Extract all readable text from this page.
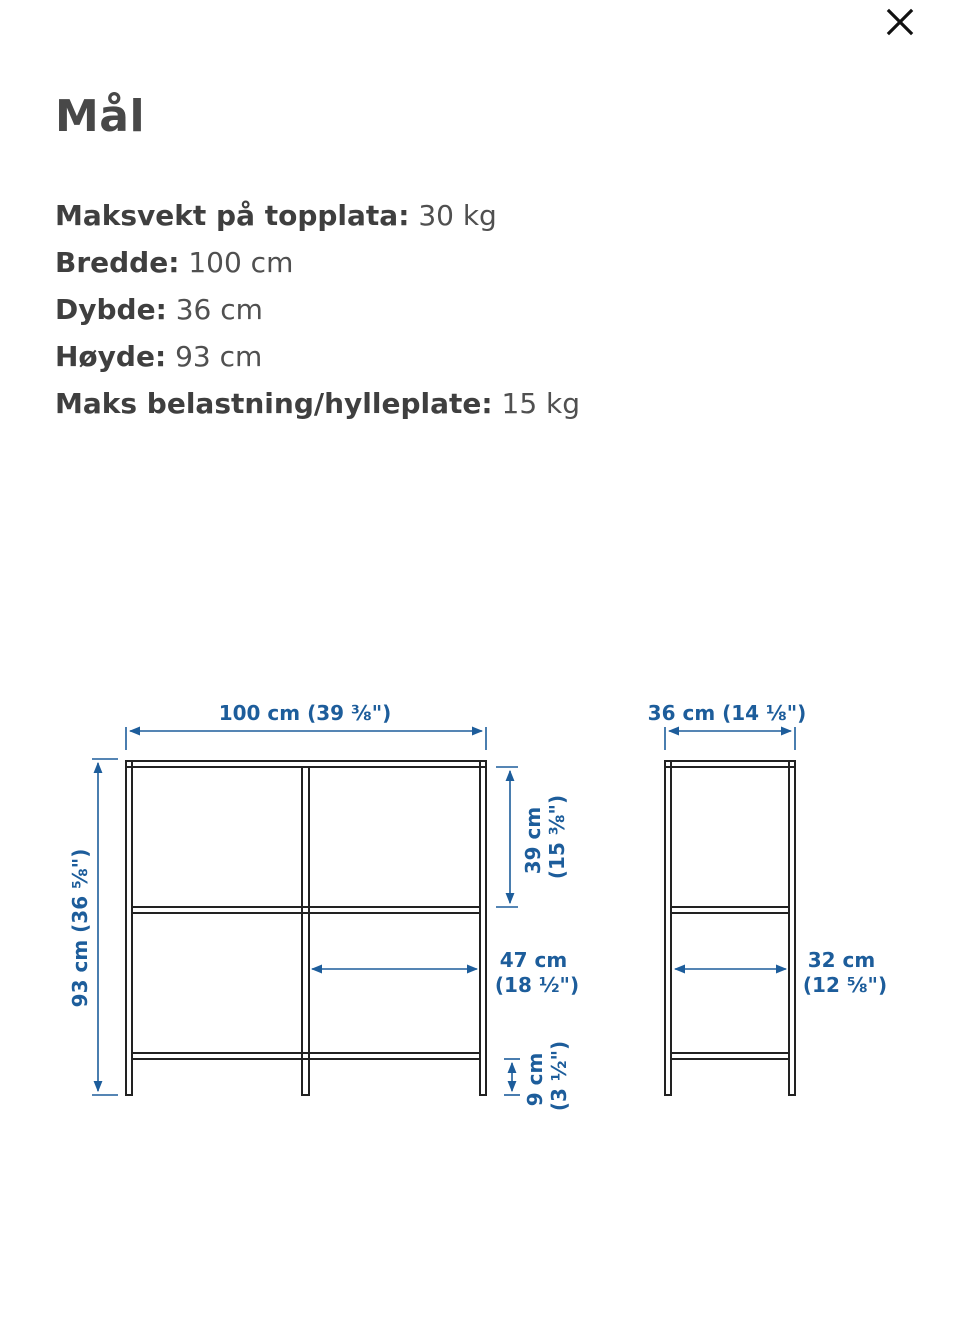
Mål
Maksvekt på topplata: 30 kg
Bredde: 100 cm
Dybde: 36 cm
Høyde: 93 cm
Maks belastning/hylleplate: 15 kg
100 cm (39 ⅜")
93 cm (36 ⅝")
39 cm (15 ⅜")
47 cm (18 ½")
9 cm (3 ½")
36 cm (14 ⅛")
32 cm (12 ⅝")
